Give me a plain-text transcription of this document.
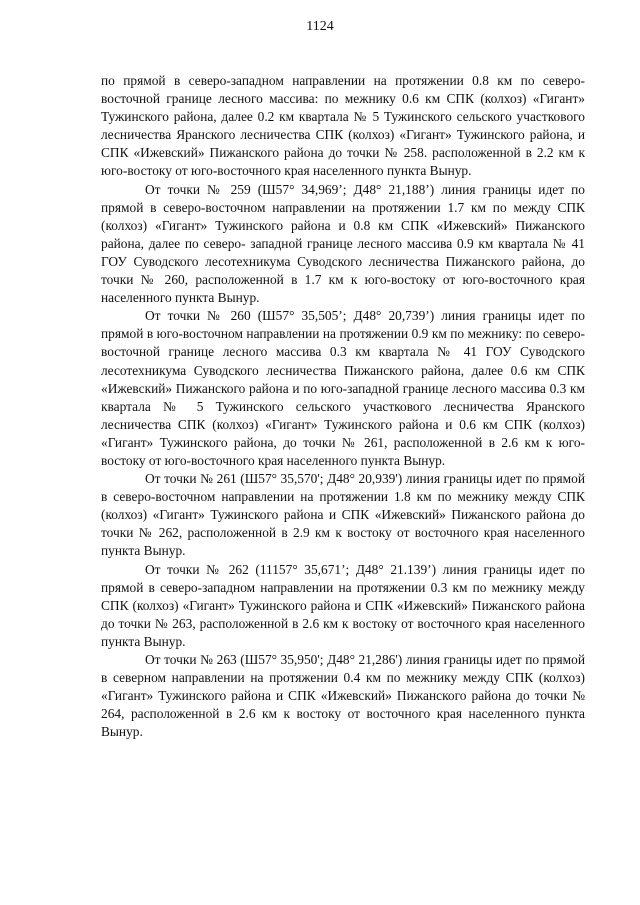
1124

по прямой в северо-западном направлении на протяжении 0.8 км по северо-восточной границе лесного массива: по межнику 0.6 км СПК (колхоз) «Гигант» Тужинского района, далее 0.2 км квартала № 5 Тужинского сельского участкового лесничества Яранского лесничества СПК (колхоз) «Гигант» Тужинского района, и СПК «Ижевский» Пижанского района до точки № 258. расположенной в 2.2 км к юго-востоку от юго-восточного края населенного пункта Вынур.

От точки № 259 (Ш57° 34,969’; Д48° 21,188’) линия границы идет по прямой в северо-восточном направлении на протяжении 1.7 км по между СПК (колхоз) «Гигант» Тужинского района и 0.8 км СПК «Ижевский» Пижанского района, далее по северо- западной границе лесного массива 0.9 км квартала № 41 ГОУ Суводского лесотехникума Суводского лесничества Пижанского района, до точки № 260, расположенной в 1.7 км к юго-востоку от юго-восточного края населенного пункта Вынур.

От точки № 260 (Ш57° 35,505’; Д48° 20,739’) линия границы идет по прямой в юго-восточном направлении на протяжении 0.9 км по межнику: по северо-восточной границе лесного массива 0.3 км квартала № 41 ГОУ Суводского лесотехникума Суводского лесничества Пижанского района, далее 0.6 км СПК «Ижевский» Пижанского района и по юго-западной границе лесного массива 0.3 км квартала № 5 Тужинского сельского участкового лесничества Яранского лесничества СПК (колхоз) «Гигант» Тужинского района и 0.6 км СПК (колхоз) «Гигант» Тужинского района, до точки № 261, расположенной в 2.6 км к юго-востоку от юго-восточного края населенного пункта Вынур.

От точки № 261 (Ш57° 35,570'; Д48° 20,939') линия границы идет по прямой в северо-восточном направлении на протяжении 1.8 км по межнику между СПК (колхоз) «Гигант» Тужинского района и СПК «Ижевский» Пижанского района до точки № 262, расположенной в 2.9 км к востоку от восточного края населенного пункта Вынур.

От точки № 262 (11157° 35,671’; Д48° 21.139’) линия границы идет по прямой в северо-западном направлении на протяжении 0.3 км по межнику между СПК (колхоз) «Гигант» Тужинского района и СПК «Ижевский» Пижанского района до точки № 263, расположенной в 2.6 км к востоку от восточного края населенного пункта Вынур.

От точки № 263 (Ш57° 35,950'; Д48° 21,286') линия границы идет по прямой в северном направлении на протяжении 0.4 км по межнику между СПК (колхоз) «Гигант» Тужинского района и СПК «Ижевский» Пижанского района до точки № 264, расположенной в 2.6 км к востоку от восточного края населенного пункта Вынур.
